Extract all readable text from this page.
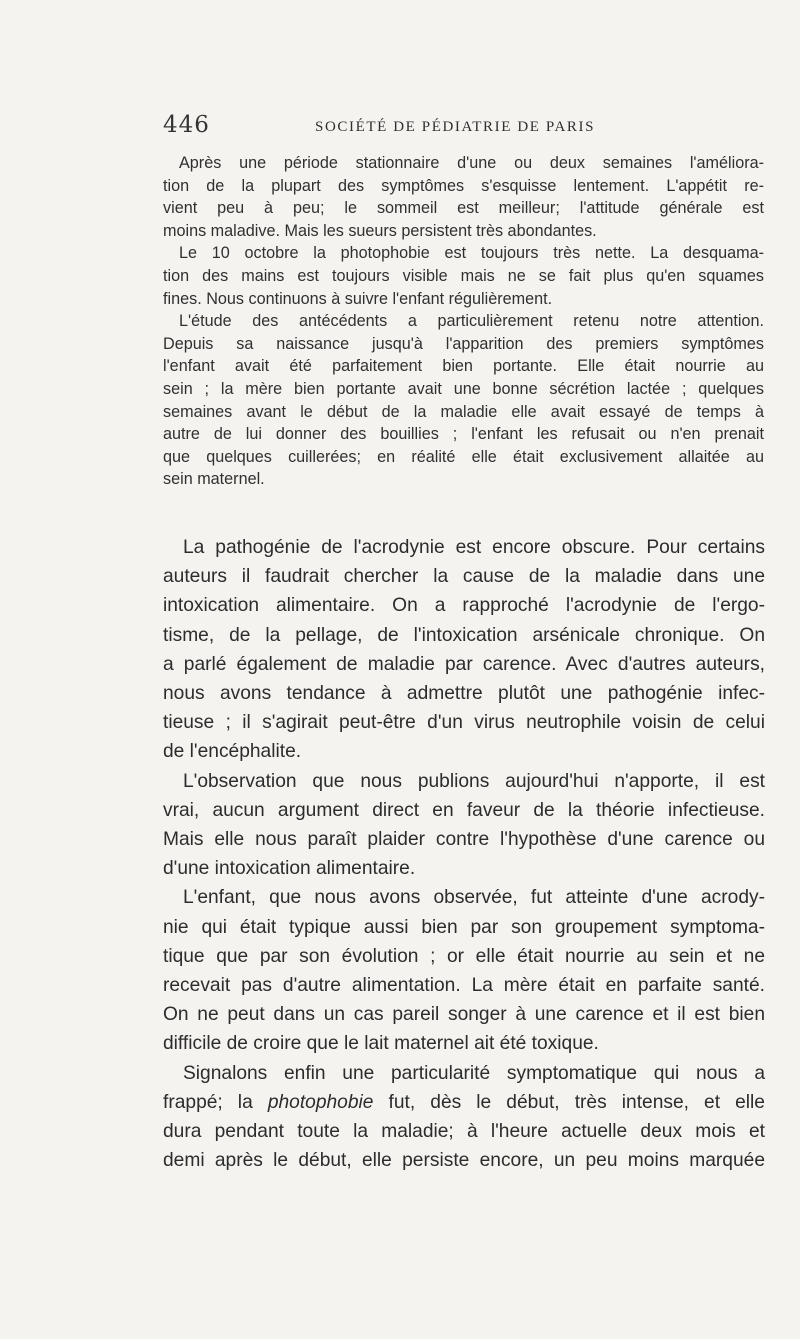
446	SOCIÉTÉ DE PÉDIATRIE DE PARIS
Après une période stationnaire d'une ou deux semaines l'améliora-
tion de la plupart des symptômes s'esquisse lentement. L'appétit re-
vient peu à peu; le sommeil est meilleur; l'attitude générale est
moins maladive. Mais les sueurs persistent très abondantes.
Le 10 octobre la photophobie est toujours très nette. La desquama-
tion des mains est toujours visible mais ne se fait plus qu'en squames
fines. Nous continuons à suivre l'enfant régulièrement.
L'étude des antécédents a particulièrement retenu notre attention.
Depuis sa naissance jusqu'à l'apparition des premiers symptômes
l'enfant avait été parfaitement bien portante. Elle était nourrie au
sein ; la mère bien portante avait une bonne sécrétion lactée ; quelques
semaines avant le début de la maladie elle avait essayé de temps à
autre de lui donner des bouillies ; l'enfant les refusait ou n'en prenait
que quelques cuillerées; en réalité elle était exclusivement allaitée au
sein maternel.
La pathogénie de l'acrodynie est encore obscure. Pour certains
auteurs il faudrait chercher la cause de la maladie dans une
intoxication alimentaire. On a rapproché l'acrodynie de l'ergo-
tisme, de la pellage, de l'intoxication arsénicale chronique. On
a parlé également de maladie par carence. Avec d'autres auteurs,
nous avons tendance à admettre plutôt une pathogénie infec-
tieuse ; il s'agirait peut-être d'un virus neutrophile voisin de celui
de l'encéphalite.
L'observation que nous publions aujourd'hui n'apporte, il est
vrai, aucun argument direct en faveur de la théorie infectieuse.
Mais elle nous paraît plaider contre l'hypothèse d'une carence ou
d'une intoxication alimentaire.
L'enfant, que nous avons observée, fut atteinte d'une acrody-
nie qui était typique aussi bien par son groupement symptoma-
tique que par son évolution ; or elle était nourrie au sein et ne
recevait pas d'autre alimentation. La mère était en parfaite santé.
On ne peut dans un cas pareil songer à une carence et il est bien
difficile de croire que le lait maternel ait été toxique.
Signalons enfin une particularité symptomatique qui nous a
frappé; la photophobie fut, dès le début, très intense, et elle
dura pendant toute la maladie; à l'heure actuelle deux mois et
demi après le début, elle persiste encore, un peu moins marquée
